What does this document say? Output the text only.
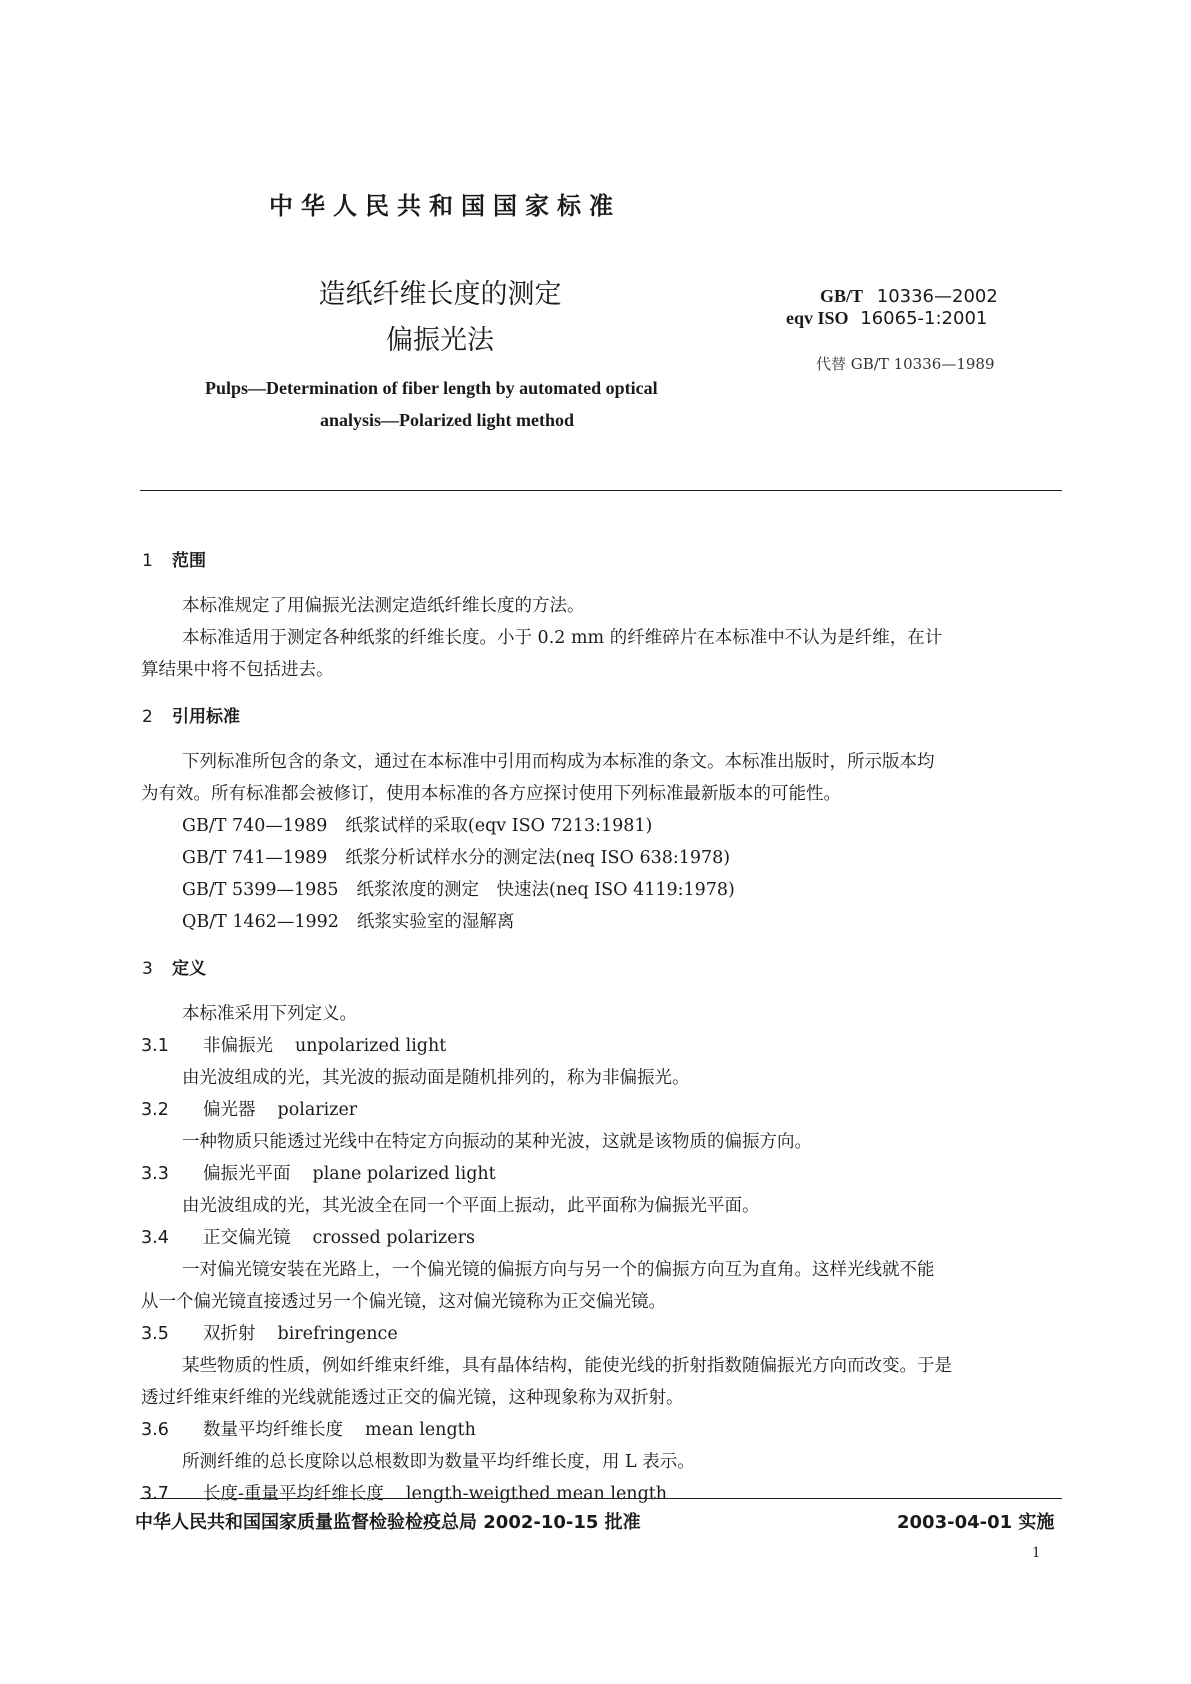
中华人民共和国国家标准
造纸纤维长度的测定
偏振光法
Pulps—Determination of fiber length by automated optical
analysis—Polarized light method
GB/T 10336—2002
eqv ISO 16065-1:2001
代替 GB/T 10336—1989
1 范围
本标准规定了用偏振光法测定造纸纤维长度的方法。
本标准适用于测定各种纸浆的纤维长度。小于 0.2 mm 的纤维碎片在本标准中不认为是纤维，在计
算结果中将不包括进去。
2 引用标准
下列标准所包含的条文，通过在本标准中引用而构成为本标准的条文。本标准出版时，所示版本均
为有效。所有标准都会被修订，使用本标准的各方应探讨使用下列标准最新版本的可能性。
GB/T 740—1989 纸浆试样的采取(eqv ISO 7213:1981)
GB/T 741—1989 纸浆分析试样水分的测定法(neq ISO 638:1978)
GB/T 5399—1985 纸浆浓度的测定　快速法(neq ISO 4119:1978)
QB/T 1462—1992 纸浆实验室的湿解离
3 定义
本标准采用下列定义。
3.1 非偏振光 unpolarized light
由光波组成的光，其光波的振动面是随机排列的，称为非偏振光。
3.2 偏光器 polarizer
一种物质只能透过光线中在特定方向振动的某种光波，这就是该物质的偏振方向。
3.3 偏振光平面 plane polarized light
由光波组成的光，其光波全在同一个平面上振动，此平面称为偏振光平面。
3.4 正交偏光镜 crossed polarizers
一对偏光镜安装在光路上，一个偏光镜的偏振方向与另一个的偏振方向互为直角。这样光线就不能
从一个偏光镜直接透过另一个偏光镜，这对偏光镜称为正交偏光镜。
3.5 双折射 birefringence
某些物质的性质，例如纤维束纤维，具有晶体结构，能使光线的折射指数随偏振光方向而改变。于是
透过纤维束纤维的光线就能透过正交的偏光镜，这种现象称为双折射。
3.6 数量平均纤维长度 mean length
所测纤维的总长度除以总根数即为数量平均纤维长度，用 L 表示。
3.7 长度-重量平均纤维长度 length-weigthed mean length
中华人民共和国国家质量监督检验检疫总局 2002-10-15 批准	2003-04-01 实施
1
